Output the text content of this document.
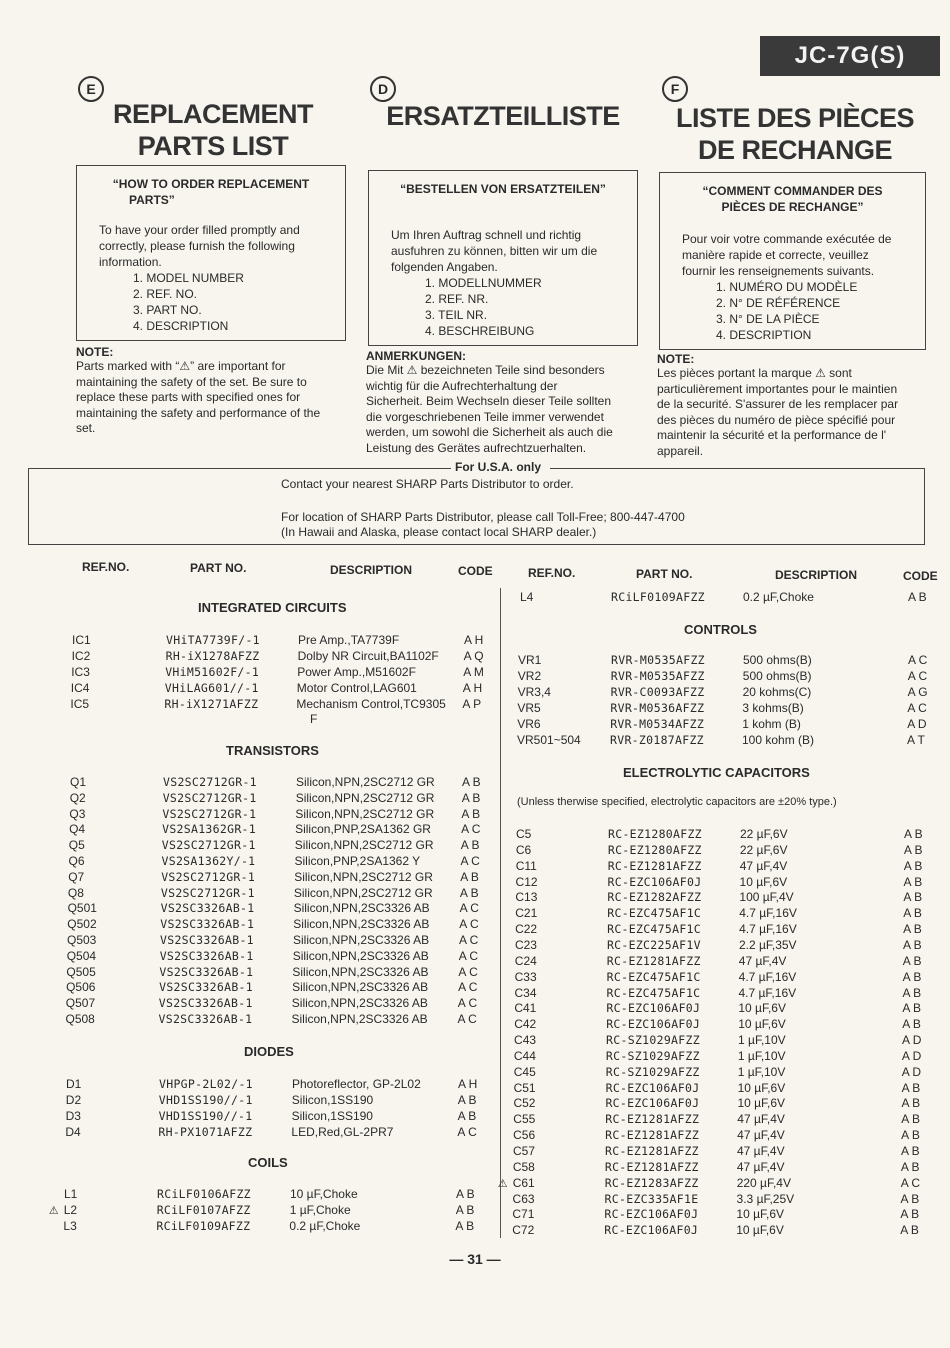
JC-7G(S)
E
REPLACEMENT
PARTS LIST
D
ERSATZTEILLISTE
F
LISTE DES PIÈCES
DE RECHANGE
“HOW TO ORDER REPLACEMENT
PARTS”
To have your order filled promptly and
correctly, please furnish the following
information.
1. MODEL NUMBER
2. REF. NO.
3. PART NO.
4. DESCRIPTION
“BESTELLEN VON ERSATZTEILEN”
Um Ihren Auftrag schnell und richtig
ausfuhren zu können, bitten wir um die
folgenden Angaben.
1. MODELLNUMMER
2. REF. NR.
3. TEIL NR.
4. BESCHREIBUNG
“COMMENT COMMANDER DES
PIÈCES DE RECHANGE”
Pour voir votre commande exécutée de
manière rapide et correcte, veuillez
fournir les renseignements suivants.
1. NUMÉRO DU MODÈLE
2. N° DE RÉFÉRENCE
3. N° DE LA PIÈCE
4. DESCRIPTION
NOTE:
Parts marked with “⚠” are important for
maintaining the safety of the set. Be sure to
replace these parts with specified ones for
maintaining the safety and performance of the
set.
ANMERKUNGEN:
Die Mit ⚠ bezeichneten Teile sind besonders
wichtig für die Aufrechterhaltung der
Sicherheit. Beim Wechseln dieser Teile sollten
die vorgeschriebenen Teile immer verwendet
werden, um sowohl die Sicherheit als auch die
Leistung des Gerätes aufrechtzuerhalten.
NOTE:
Les pièces portant la marque ⚠ sont
particulièrement importantes pour le maintien
de la securité. S'assurer de les remplacer par
des pièces du numéro de pièce spécifié pour
maintenir la sécurité et la performance de l'
appareil.
For U.S.A. only
Contact your nearest SHARP Parts Distributor to order.
For location of SHARP Parts Distributor, please call Toll-Free; 800-447-4700
(In Hawaii and Alaska, please contact local SHARP dealer.)
REF.NO.	PART NO.	DESCRIPTION	CODE	REF.NO.	PART NO.	DESCRIPTION	CODE
INTEGRATED CIRCUITS
TRANSISTORS
DIODES
COILS
CONTROLS
ELECTROLYTIC CAPACITORS
(Unless therwise specified, electrolytic capacitors are ±20% type.)
F
IC1	VHiTA7739F/-1	Pre Amp.,TA7739F	A H
IC2	RH-iX1278AFZZ	Dolby NR Circuit,BA1102F A Q
IC3	VHiM51602F/-1	Power Amp.,M51602F	A M
IC4	VHiLAG601//-1	Motor Control,LAG601	A H
IC5	RH-iX1271AFZZ	Mechanism Control,TC9305 A P
Q1	VS2SC2712GR-1	Silicon,NPN,2SC2712 GR A B
Q2	VS2SC2712GR-1	Silicon,NPN,2SC2712 GR A B
Q3	VS2SC2712GR-1	Silicon,NPN,2SC2712 GR A B
Q4	VS2SA1362GR-1	Silicon,PNP,2SA1362 GR	A C
Q5	VS2SC2712GR-1	Silicon,NPN,2SC2712 GR A B
Q6	VS2SA1362Y/-1	Silicon,PNP,2SA1362 Y	A C
Q7	VS2SC2712GR-1	Silicon,NPN,2SC2712 GR A B
Q8	VS2SC2712GR-1	Silicon,NPN,2SC2712 GR A B
Q501	VS2SC3326AB-1	Silicon,NPN,2SC3326 AB A C
Q502	VS2SC3326AB-1	Silicon,NPN,2SC3326 AB A C
Q503	VS2SC3326AB-1	Silicon,NPN,2SC3326 AB A C
Q504	VS2SC3326AB-1	Silicon,NPN,2SC3326 AB A C
Q505	VS2SC3326AB-1	Silicon,NPN,2SC3326 AB A C
Q506	VS2SC3326AB-1	Silicon,NPN,2SC3326 AB A C
Q507	VS2SC3326AB-1	Silicon,NPN,2SC3326 AB A C
Q508	VS2SC3326AB-1	Silicon,NPN,2SC3326 AB A C
D1	VHPGP-2L02/-1	Photoreflector, GP-2L02	A H
D2	VHD1SS190//-1	Silicon,1SS190	A B
D3	VHD1SS190//-1	Silicon,1SS190	A B
D4	RH-PX1071AFZZ	LED,Red,GL-2PR7	A C
L1	RCiLF0106AFZZ	10 µF,Choke	A B
L2	RCiLF0107AFZZ	1 µF,Choke	A B
⚠
L3	RCiLF0109AFZZ	0.2 µF,Choke	A B
L4	RCiLF0109AFZZ	0.2 µF,Choke	A B
VR1	RVR-M0535AFZZ	500 ohms(B)	A C
VR2	RVR-M0535AFZZ	500 ohms(B)	A C
VR3,4	RVR-C0093AFZZ	20 kohms(C)	A G
VR5	RVR-M0536AFZZ	3 kohms(B)	A C
VR6	RVR-M0534AFZZ	1 kohm (B)	A D
VR501~504	RVR-Z0187AFZZ	100 kohm (B)	A T
C5	RC-EZ1280AFZZ	22 µF,6V	A B
C6	RC-EZ1280AFZZ	22 µF,6V	A B
C11	RC-EZ1281AFZZ	47 µF,4V	A B
C12	RC-EZC106AF0J	10 µF,6V	A B
C13	RC-EZ1282AFZZ	100 µF,4V	A B
C21	RC-EZC475AF1C	4.7 µF,16V	A B
C22	RC-EZC475AF1C	4.7 µF,16V	A B
C23	RC-EZC225AF1V	2.2 µF,35V	A B
C24	RC-EZ1281AFZZ	47 µF,4V	A B
C33	RC-EZC475AF1C	4.7 µF,16V	A B
C34	RC-EZC475AF1C	4.7 µF,16V	A B
C41	RC-EZC106AF0J	10 µF,6V	A B
C42	RC-EZC106AF0J	10 µF,6V	A B
C43	RC-SZ1029AFZZ	1 µF,10V	A D
C44	RC-SZ1029AFZZ	1 µF,10V	A D
C45	RC-SZ1029AFZZ	1 µF,10V	A D
C51	RC-EZC106AF0J	10 µF,6V	A B
C52	RC-EZC106AF0J	10 µF,6V	A B
C55	RC-EZ1281AFZZ	47 µF,4V	A B
C56	RC-EZ1281AFZZ	47 µF,4V	A B
C57	RC-EZ1281AFZZ	47 µF,4V	A B
C58	RC-EZ1281AFZZ	47 µF,4V	A B
C61	RC-EZ1283AFZZ	220 µF,4V	A C
⚠
C63	RC-EZC335AF1E	3.3 µF,25V	A B
C71	RC-EZC106AF0J	10 µF,6V	A B
C72	RC-EZC106AF0J	10 µF,6V	A B
— 31 —
